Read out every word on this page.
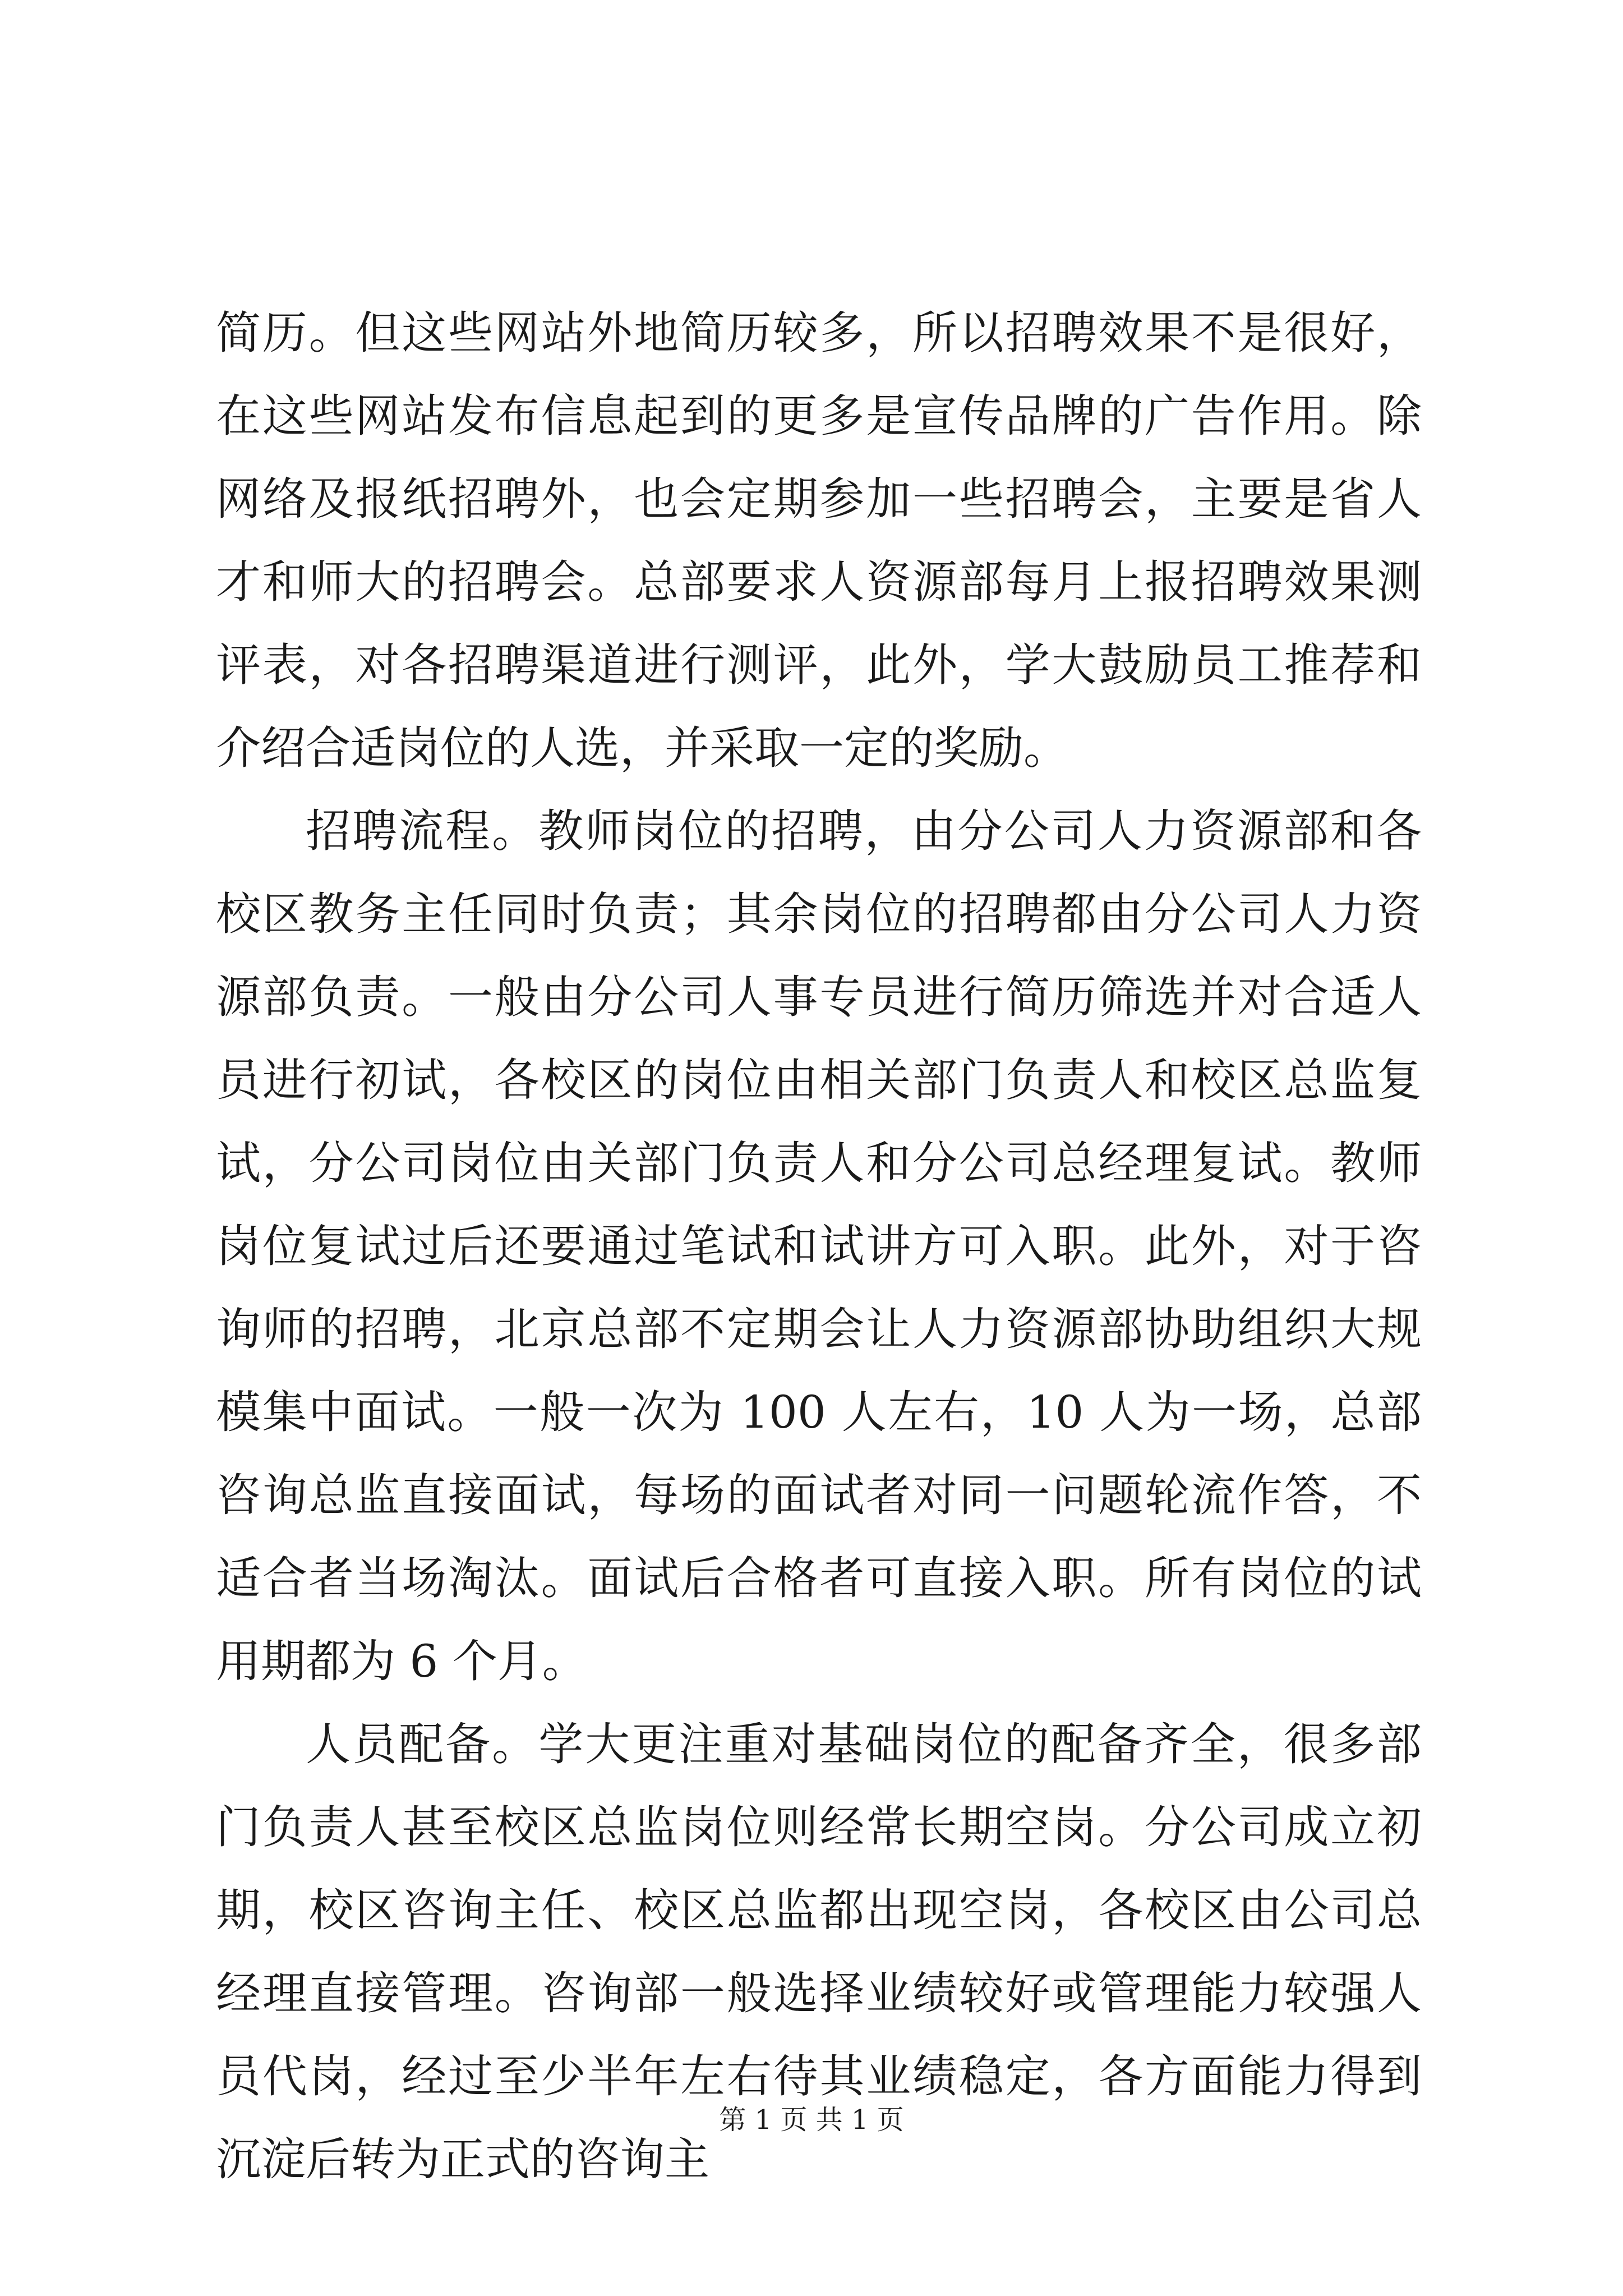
简历。但这些网站外地简历较多，所以招聘效果不是很好，在这些网站发布信息起到的更多是宣传品牌的广告作用。除网络及报纸招聘外，也会定期参加一些招聘会，主要是省人才和师大的招聘会。总部要求人资源部每月上报招聘效果测评表，对各招聘渠道进行测评，此外，学大鼓励员工推荐和介绍合适岗位的人选，并采取一定的奖励。

招聘流程。教师岗位的招聘，由分公司人力资源部和各校区教务主任同时负责；其余岗位的招聘都由分公司人力资源部负责。一般由分公司人事专员进行简历筛选并对合适人员进行初试，各校区的岗位由相关部门负责人和校区总监复试，分公司岗位由关部门负责人和分公司总经理复试。教师岗位复试过后还要通过笔试和试讲方可入职。此外，对于咨询师的招聘，北京总部不定期会让人力资源部协助组织大规模集中面试。一般一次为 100 人左右，10 人为一场，总部咨询总监直接面试，每场的面试者对同一问题轮流作答，不适合者当场淘汰。面试后合格者可直接入职。所有岗位的试用期都为 6 个月。

人员配备。学大更注重对基础岗位的配备齐全，很多部门负责人甚至校区总监岗位则经常长期空岗。分公司成立初期，校区咨询主任、校区总监都出现空岗，各校区由公司总经理直接管理。咨询部一般选择业绩较好或管理能力较强人员代岗，经过至少半年左右待其业绩稳定，各方面能力得到沉淀后转为正式的咨询主

第 1 页 共 1 页
